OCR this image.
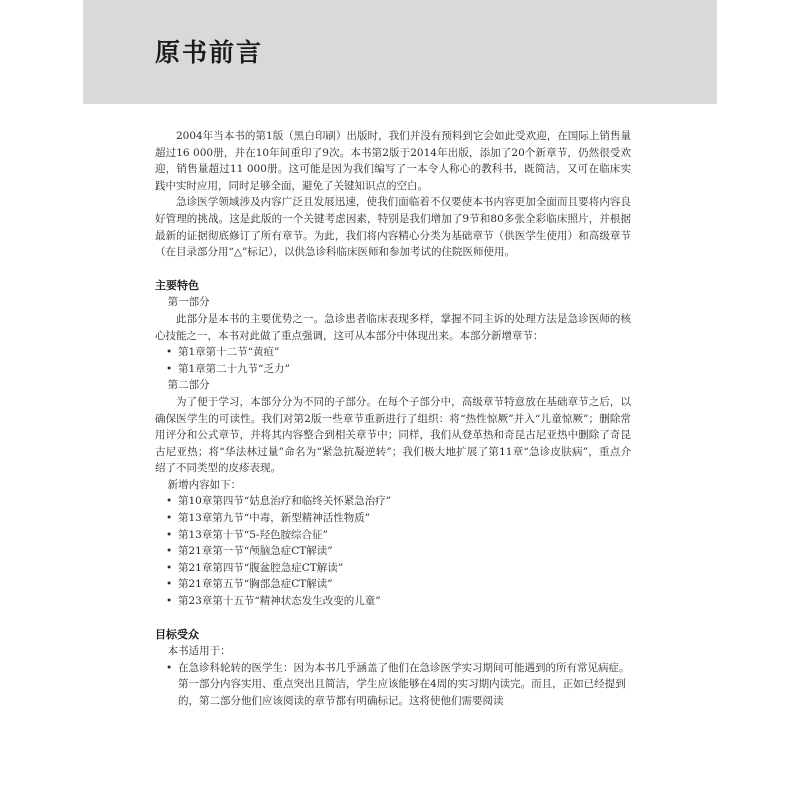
原书前言

2004年当本书的第1版（黑白印刷）出版时，我们并没有预料到它会如此受欢迎，在国际上销售量超过16 000册，并在10年间重印了9次。本书第2版于2014年出版，添加了20个新章节，仍然很受欢迎，销售量超过11 000册。这可能是因为我们编写了一本令人称心的教科书，既简洁，又可在临床实践中实时应用，同时足够全面，避免了关键知识点的空白。

急诊医学领域涉及内容广泛且发展迅速，使我们面临着不仅要使本书内容更加全面而且要将内容良好管理的挑战。这是此版的一个关键考虑因素，特别是我们增加了9节和80多张全彩临床照片，并根据最新的证据彻底修订了所有章节。为此，我们将内容精心分类为基础章节（供医学生使用）和高级章节（在目录部分用“△”标记），以供急诊科临床医师和参加考试的住院医师使用。

主要特色
第一部分

此部分是本书的主要优势之一。急诊患者临床表现多样，掌握不同主诉的处理方法是急诊医师的核心技能之一，本书对此做了重点强调，这可从本部分中体现出来。本部分新增章节：

• 第1章第十二节“黄疸”
• 第1章第二十九节“乏力”
第二部分

为了便于学习，本部分分为不同的子部分。在每个子部分中，高级章节特意放在基础章节之后，以确保医学生的可读性。我们对第2版一些章节重新进行了组织：将“热性惊厥”并入“儿童惊厥”；删除常用评分和公式章节，并将其内容整合到相关章节中；同样，我们从登革热和奇昆古尼亚热中删除了奇昆古尼亚热；将“华法林过量”命名为“紧急抗凝逆转”；我们极大地扩展了第11章“急诊皮肤病”，重点介绍了不同类型的皮疹表现。

新增内容如下：
• 第10章第四节“姑息治疗和临终关怀紧急治疗”
• 第13章第九节“中毒，新型精神活性物质”
• 第13章第十节“5-羟色胺综合征”
• 第21章第一节“颅脑急症CT解读”
• 第21章第四节“腹盆腔急症CT解读”
• 第21章第五节“胸部急症CT解读”
• 第23章第十五节“精神状态发生改变的儿童”
目标受众
本书适用于：
• 在急诊科轮转的医学生：因为本书几乎涵盖了他们在急诊医学实习期间可能遇到的所有常见病症。第一部分内容实用、重点突出且简洁，学生应该能够在4周的实习期内读完。而且，正如已经提到的，第二部分他们应该阅读的章节都有明确标记。这将使他们需要阅读
